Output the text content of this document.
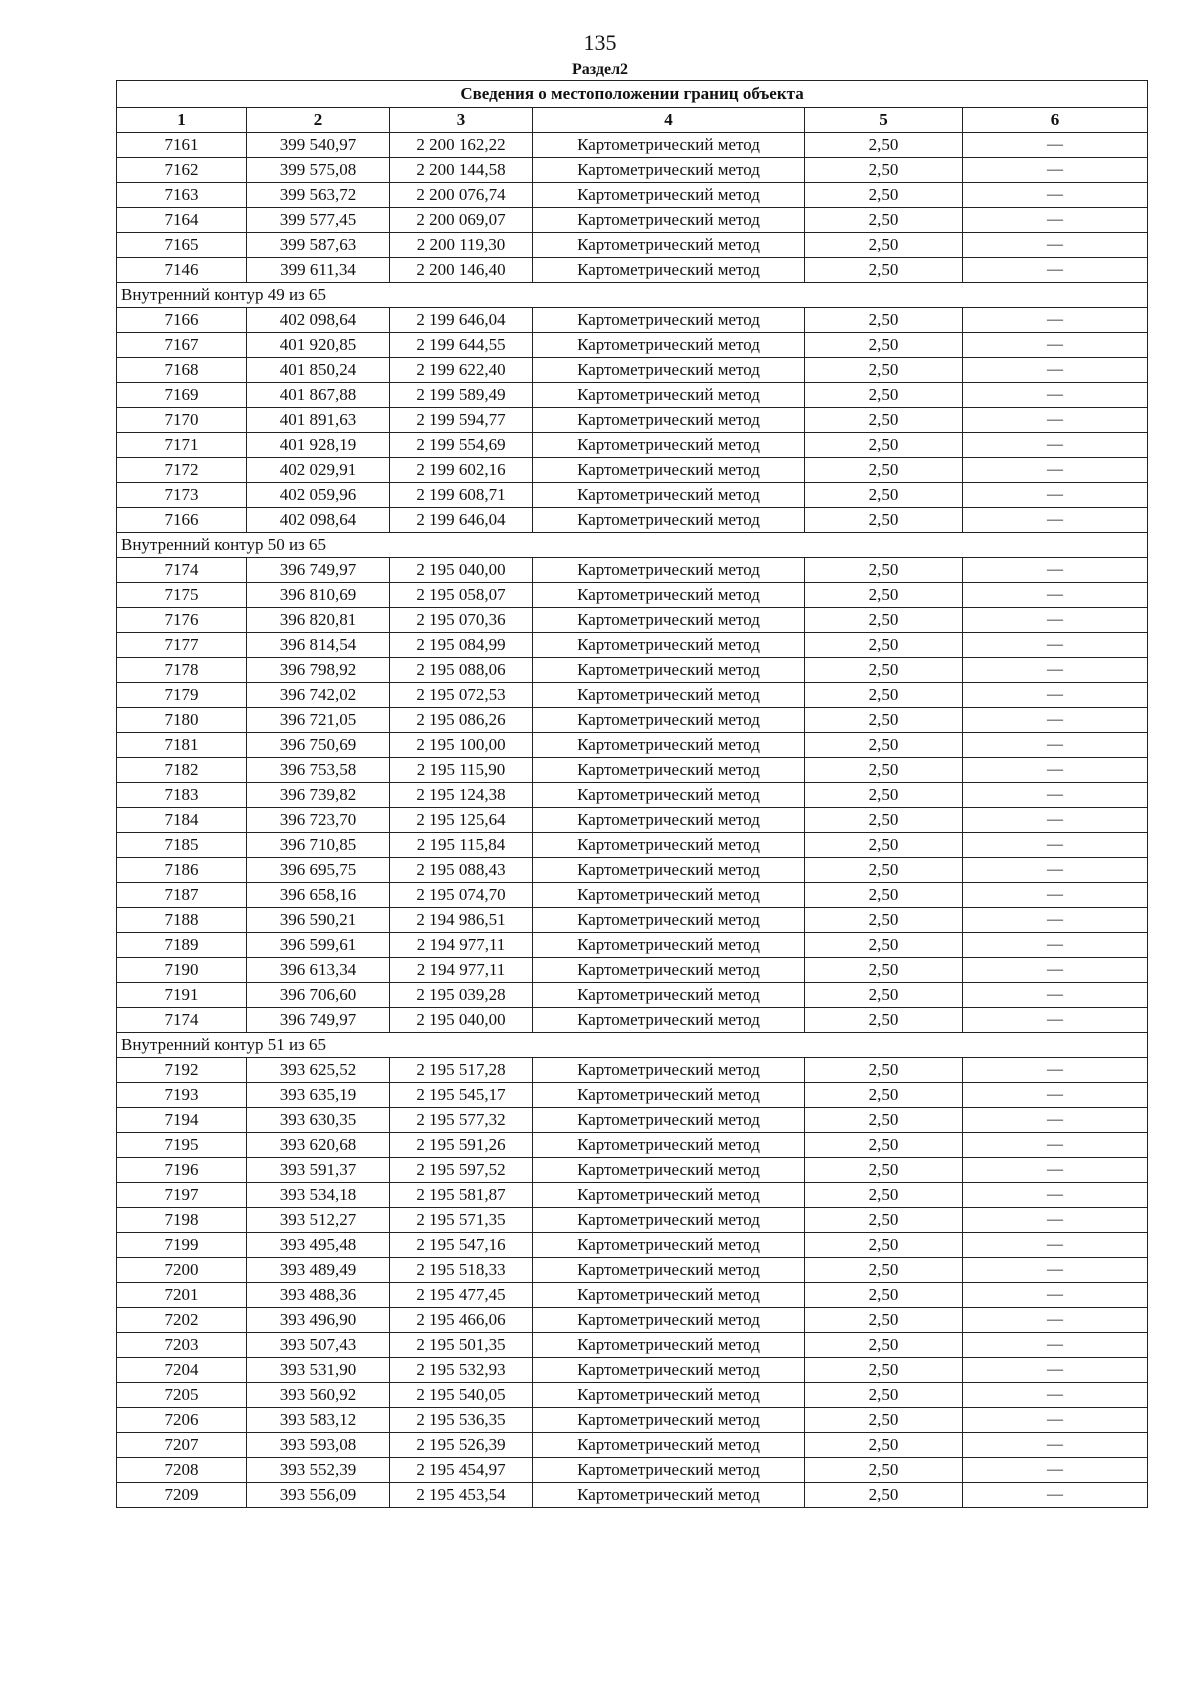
135
Раздел2
Сведения о местоположении границ объекта					
1	2	3	4	5	6
7161	399 540,97	2 200 162,22	Картометрический метод	2,50	—
7162	399 575,08	2 200 144,58	Картометрический метод	2,50	—
7163	399 563,72	2 200 076,74	Картометрический метод	2,50	—
7164	399 577,45	2 200 069,07	Картометрический метод	2,50	—
7165	399 587,63	2 200 119,30	Картометрический метод	2,50	—
7146	399 611,34	2 200 146,40	Картометрический метод	2,50	—
Внутренний контур 49 из 65					
7166	402 098,64	2 199 646,04	Картометрический метод	2,50	—
7167	401 920,85	2 199 644,55	Картометрический метод	2,50	—
7168	401 850,24	2 199 622,40	Картометрический метод	2,50	—
7169	401 867,88	2 199 589,49	Картометрический метод	2,50	—
7170	401 891,63	2 199 594,77	Картометрический метод	2,50	—
7171	401 928,19	2 199 554,69	Картометрический метод	2,50	—
7172	402 029,91	2 199 602,16	Картометрический метод	2,50	—
7173	402 059,96	2 199 608,71	Картометрический метод	2,50	—
7166	402 098,64	2 199 646,04	Картометрический метод	2,50	—
Внутренний контур 50 из 65					
7174	396 749,97	2 195 040,00	Картометрический метод	2,50	—
7175	396 810,69	2 195 058,07	Картометрический метод	2,50	—
7176	396 820,81	2 195 070,36	Картометрический метод	2,50	—
7177	396 814,54	2 195 084,99	Картометрический метод	2,50	—
7178	396 798,92	2 195 088,06	Картометрический метод	2,50	—
7179	396 742,02	2 195 072,53	Картометрический метод	2,50	—
7180	396 721,05	2 195 086,26	Картометрический метод	2,50	—
7181	396 750,69	2 195 100,00	Картометрический метод	2,50	—
7182	396 753,58	2 195 115,90	Картометрический метод	2,50	—
7183	396 739,82	2 195 124,38	Картометрический метод	2,50	—
7184	396 723,70	2 195 125,64	Картометрический метод	2,50	—
7185	396 710,85	2 195 115,84	Картометрический метод	2,50	—
7186	396 695,75	2 195 088,43	Картометрический метод	2,50	—
7187	396 658,16	2 195 074,70	Картометрический метод	2,50	—
7188	396 590,21	2 194 986,51	Картометрический метод	2,50	—
7189	396 599,61	2 194 977,11	Картометрический метод	2,50	—
7190	396 613,34	2 194 977,11	Картометрический метод	2,50	—
7191	396 706,60	2 195 039,28	Картометрический метод	2,50	—
7174	396 749,97	2 195 040,00	Картометрический метод	2,50	—
Внутренний контур 51 из 65					
7192	393 625,52	2 195 517,28	Картометрический метод	2,50	—
7193	393 635,19	2 195 545,17	Картометрический метод	2,50	—
7194	393 630,35	2 195 577,32	Картометрический метод	2,50	—
7195	393 620,68	2 195 591,26	Картометрический метод	2,50	—
7196	393 591,37	2 195 597,52	Картометрический метод	2,50	—
7197	393 534,18	2 195 581,87	Картометрический метод	2,50	—
7198	393 512,27	2 195 571,35	Картометрический метод	2,50	—
7199	393 495,48	2 195 547,16	Картометрический метод	2,50	—
7200	393 489,49	2 195 518,33	Картометрический метод	2,50	—
7201	393 488,36	2 195 477,45	Картометрический метод	2,50	—
7202	393 496,90	2 195 466,06	Картометрический метод	2,50	—
7203	393 507,43	2 195 501,35	Картометрический метод	2,50	—
7204	393 531,90	2 195 532,93	Картометрический метод	2,50	—
7205	393 560,92	2 195 540,05	Картометрический метод	2,50	—
7206	393 583,12	2 195 536,35	Картометрический метод	2,50	—
7207	393 593,08	2 195 526,39	Картометрический метод	2,50	—
7208	393 552,39	2 195 454,97	Картометрический метод	2,50	—
7209	393 556,09	2 195 453,54	Картометрический метод	2,50	—
